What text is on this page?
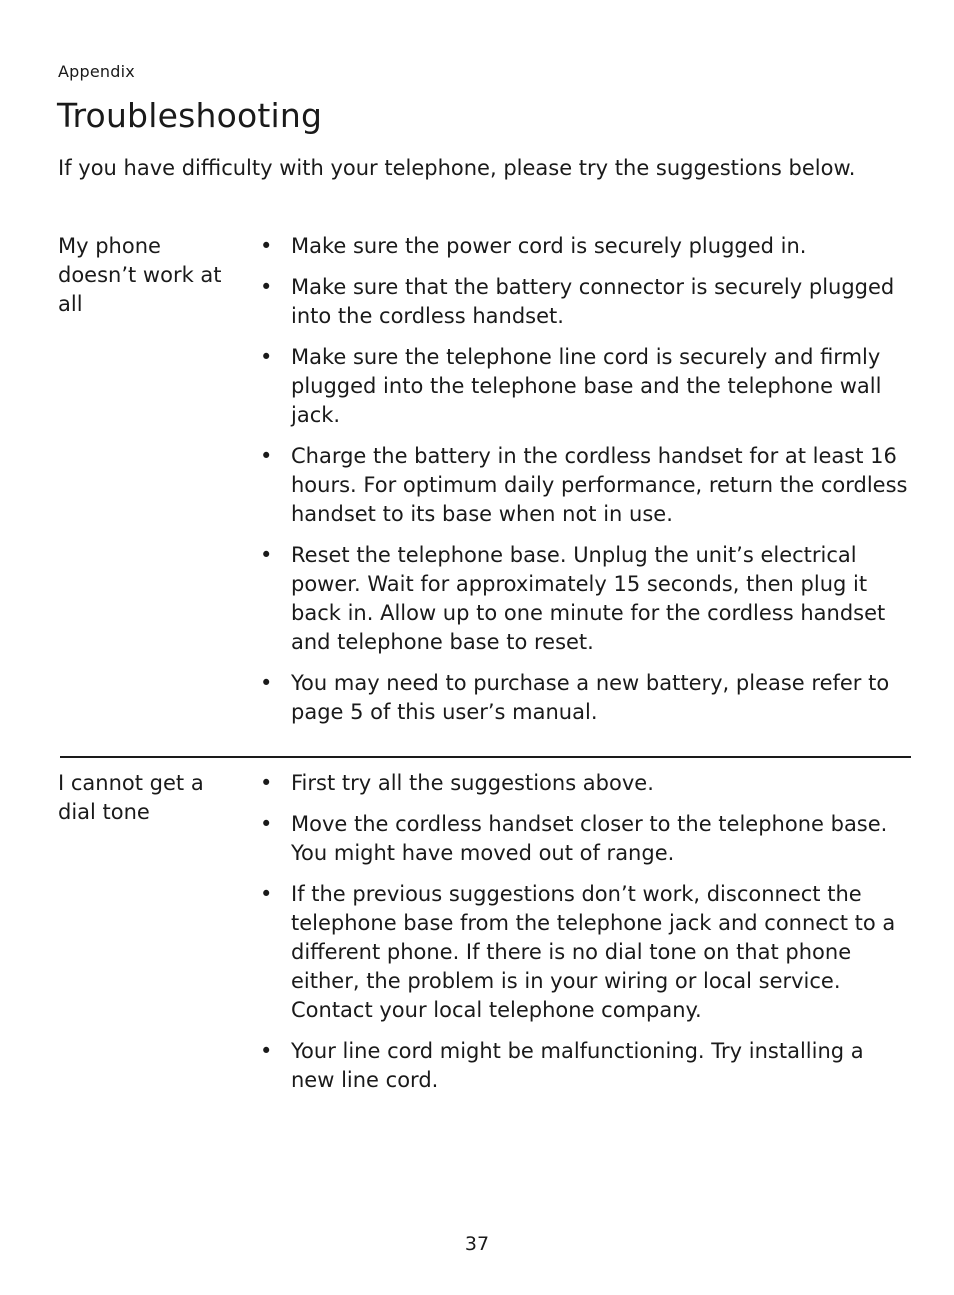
Appendix
Troubleshooting

If you have difficulty with your telephone, please try the suggestions below.

My phone doesn’t work at all
• Make sure the power cord is securely plugged in.
• Make sure that the battery connector is securely plugged into the cordless handset.
• Make sure the telephone line cord is securely and firmly plugged into the telephone base and the telephone wall jack.
• Charge the battery in the cordless handset for at least 16 hours. For optimum daily performance, return the cordless handset to its base when not in use.
• Reset the telephone base. Unplug the unit’s electrical power. Wait for approximately 15 seconds, then plug it back in. Allow up to one minute for the cordless handset and telephone base to reset.
• You may need to purchase a new battery, please refer to page 5 of this user’s manual.
I cannot get a dial tone
• First try all the suggestions above.
• Move the cordless handset closer to the telephone base. You might have moved out of range.
• If the previous suggestions don’t work, disconnect the telephone base from the telephone jack and connect to a different phone. If there is no dial tone on that phone either, the problem is in your wiring or local service. Contact your local telephone company.
• Your line cord might be malfunctioning. Try installing a new line cord.
37
